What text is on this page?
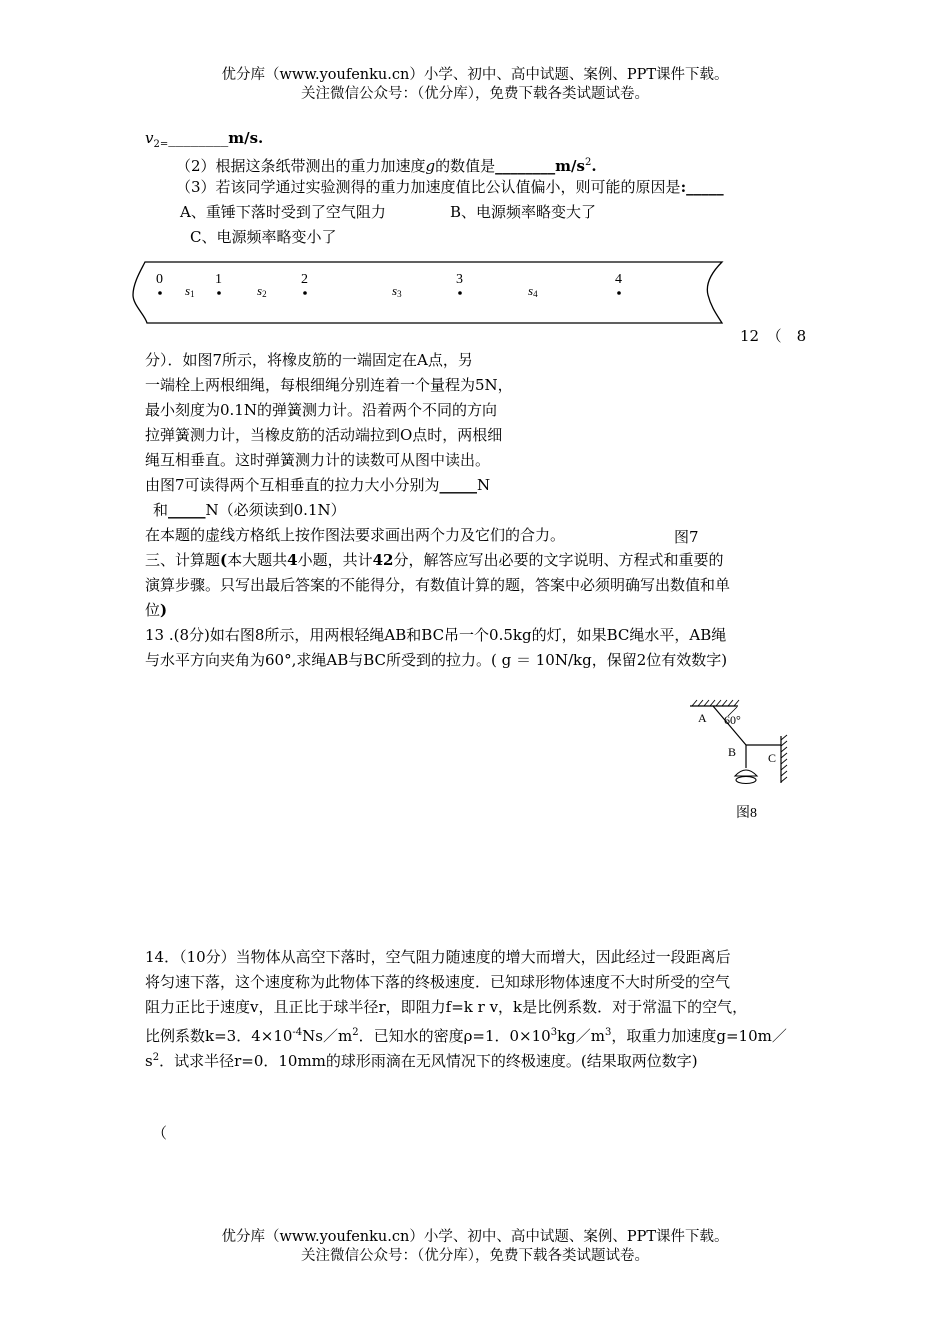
优分库（www.youfenku.cn）小学、初中、高中试题、案例、PPT课件下载。
关注微信公众号：（优分库），免费下载各类试题试卷。
$v_{2=}\_\_\_\_\_\_\_\_m/s$.
（2）根据这条纸带测出的重力加速度g的数值是$\_\_\_\_\_\_\_\_m/s^2$.
（3）若该同学通过实验测得的重力加速度值比公认值偏小，则可能的原因是:_____
A、重锤下落时受到了空气阻力	B、电源频率略变大了
C、电源频率略变小了
0	1	2	3	4
s1	s2	s3	s4
12　（　8
分）．如图7所示，将橡皮筋的一端固定在A点，另
一端栓上两根细绳，每根细绳分别连着一个量程为5N，
最小刻度为0.1N的弹簧测力计。沿着两个不同的方向
拉弹簧测力计，当橡皮筋的活动端拉到O点时，两根细
绳互相垂直。这时弹簧测力计的读数可从图中读出。
由图7可读得两个互相垂直的拉力大小分别为_____N
和_____N（必须读到0.1N）
在本题的虚线方格纸上按作图法要求画出两个力及它们的合力。	图7
三、计算题(本大题共4小题，共计42分，解答应写出必要的文字说明、方程式和重要的
演算步骤。只写出最后答案的不能得分，有数值计算的题，答案中必须明确写出数值和单
位)
13 .(8分)如右图8所示，用两根轻绳AB和BC吊一个0.5kg的灯，如果BC绳水平，AB绳
与水平方向夹角为60°,求绳AB与BC所受到的拉力。( g ＝ 10N/kg，保留2位有效数字)
A 60°
B	C
图8
14．（10分）当物体从高空下落时，空气阻力随速度的增大而增大，因此经过一段距离后
将匀速下落，这个速度称为此物体下落的终极速度．已知球形物体速度不大时所受的空气
阻力正比于速度v，且正比于球半径r，即阻力f=k r v，k是比例系数．对于常温下的空气，
比例系数k=3．$4\times 10^{-4}Ns/m^2$．已知水的密度ρ=1．$0\times 10^3kg/m^3$，取重力加速度g=10m／
$s^2$．试求半径r=0．10mm的球形雨滴在无风情况下的终极速度。(结果取两位数字)
（
优分库（www.youfenku.cn）小学、初中、高中试题、案例、PPT课件下载。
关注微信公众号：（优分库），免费下载各类试题试卷。
